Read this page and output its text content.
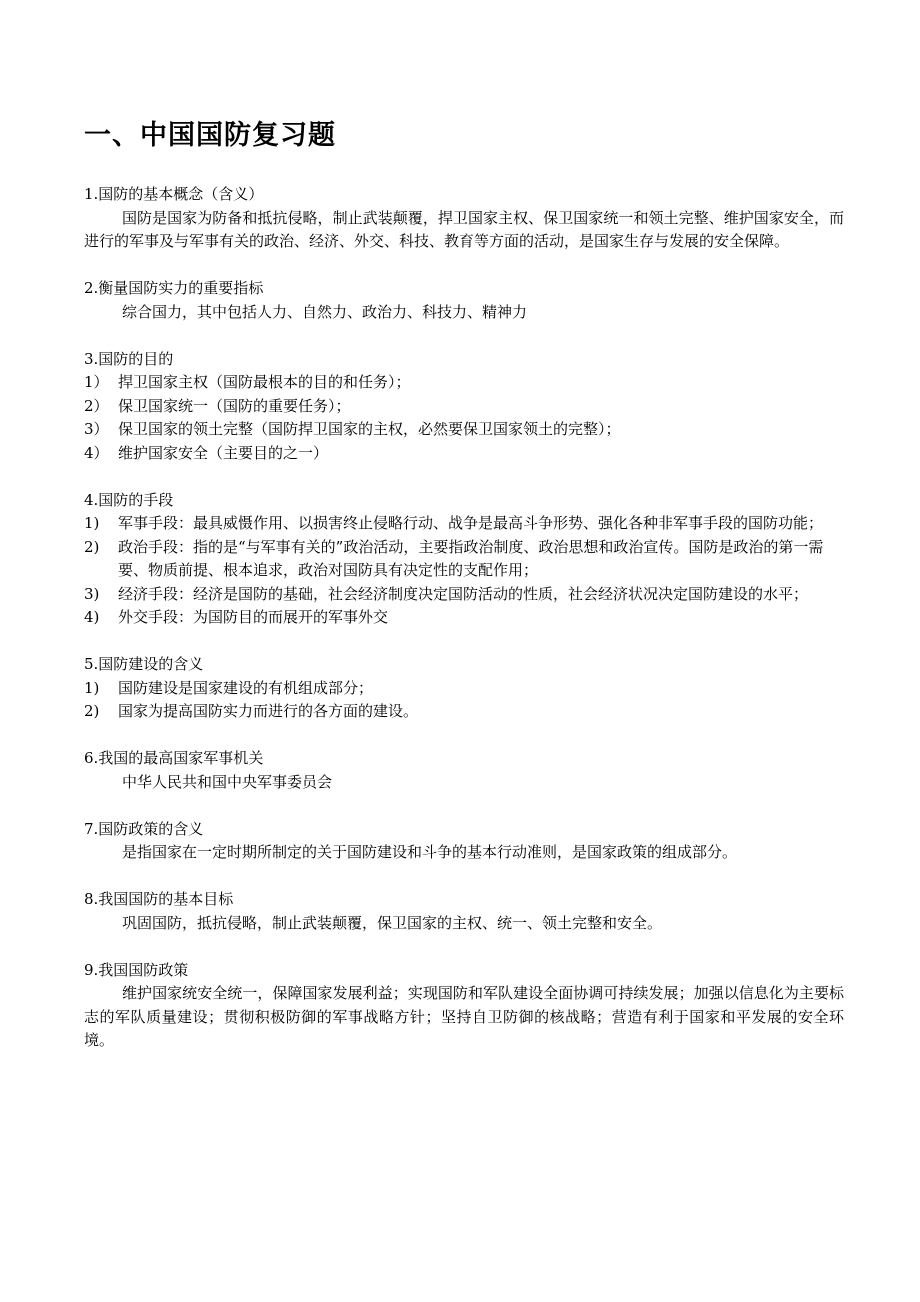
一、中国国防复习题
1.国防的基本概念（含义）
国防是国家为防备和抵抗侵略，制止武装颠覆，捍卫国家主权、保卫国家统一和领土完整、维护国家安全，而进行的军事及与军事有关的政治、经济、外交、科技、教育等方面的活动，是国家生存与发展的安全保障。
2.衡量国防实力的重要指标
综合国力，其中包括人力、自然力、政治力、科技力、精神力
3.国防的目的
1） 捍卫国家主权（国防最根本的目的和任务）；
2） 保卫国家统一（国防的重要任务）；
3） 保卫国家的领土完整（国防捍卫国家的主权，必然要保卫国家领土的完整）；
4） 维护国家安全（主要目的之一）
4.国防的手段
1)	军事手段：最具威慑作用、以损害终止侵略行动、战争是最高斗争形势、强化各种非军事手段的国防功能；
2)	政治手段：指的是“与军事有关的”政治活动，主要指政治制度、政治思想和政治宣传。国防是政治的第一需要、物质前提、根本追求，政治对国防具有决定性的支配作用；
3)	经济手段：经济是国防的基础，社会经济制度决定国防活动的性质，社会经济状况决定国防建设的水平；
4)	外交手段：为国防目的而展开的军事外交
5.国防建设的含义
1)	国防建设是国家建设的有机组成部分；
2)	国家为提高国防实力而进行的各方面的建设。
6.我国的最高国家军事机关
中华人民共和国中央军事委员会
7.国防政策的含义
是指国家在一定时期所制定的关于国防建设和斗争的基本行动准则，是国家政策的组成部分。
8.我国国防的基本目标
巩固国防，抵抗侵略，制止武装颠覆，保卫国家的主权、统一、领土完整和安全。
9.我国国防政策
维护国家统安全统一，保障国家发展利益；实现国防和军队建设全面协调可持续发展；加强以信息化为主要标志的军队质量建设；贯彻积极防御的军事战略方针；坚持自卫防御的核战略；营造有利于国家和平发展的安全环境。
